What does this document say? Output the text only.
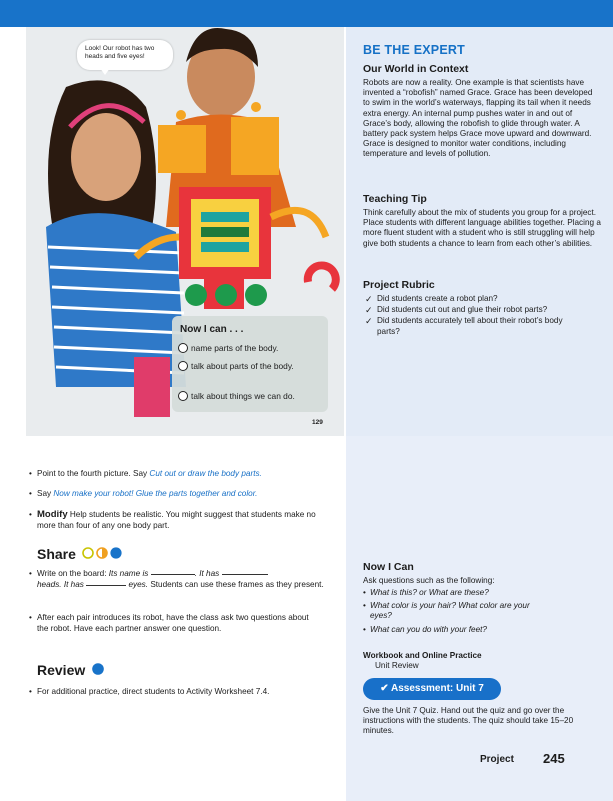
Look! Our robot has two heads and five eyes!
Now I can . . .
name parts of the body.
talk about parts of the body.
talk about things we can do.
129
BE THE EXPERT
Our World in Context
Robots are now a reality. One example is that scientists have invented a “robofish” named Grace. Grace has been developed to swim in the world’s waterways, flapping its tail when it needs extra energy. An internal pump pushes water in and out of Grace’s body, allowing the robofish to glide through water. A battery pack system helps Grace move upward and downward. Grace is designed to monitor water conditions, including temperature and levels of pollution.
Teaching Tip
Think carefully about the mix of students you group for a project. Place students with different language abilities together. Placing a more fluent student with a student who is still struggling will help give both students a chance to learn from each other’s abilities.
Project Rubric
✓ Did students create a robot plan?
✓ Did students cut out and glue their robot parts?
✓ Did students accurately tell about their robot’s body parts?
• Point to the fourth picture. Say Cut out or draw the body parts.
• Say Now make your robot! Glue the parts together and color.
• Modify Help students be realistic. You might suggest that students make no more than four of any one body part.
Share
• Write on the board: Its name is	. It has
heads. It has	eyes. Students can use these frames as they present.
• After each pair introduces its robot, have the class ask two questions about the robot. Have each partner answer one question.
Review
• For additional practice, direct students to Activity Worksheet 7.4.
Now I Can
Ask questions such as the following:
• What is this? or What are these?
• What color is your hair? What color are your eyes?
• What can you do with your feet?
Workbook and Online Practice
Unit Review
✔ Assessment: Unit 7
Give the Unit 7 Quiz. Hand out the quiz and go over the instructions with the students. The quiz should take 15–20 minutes.
Project 245
